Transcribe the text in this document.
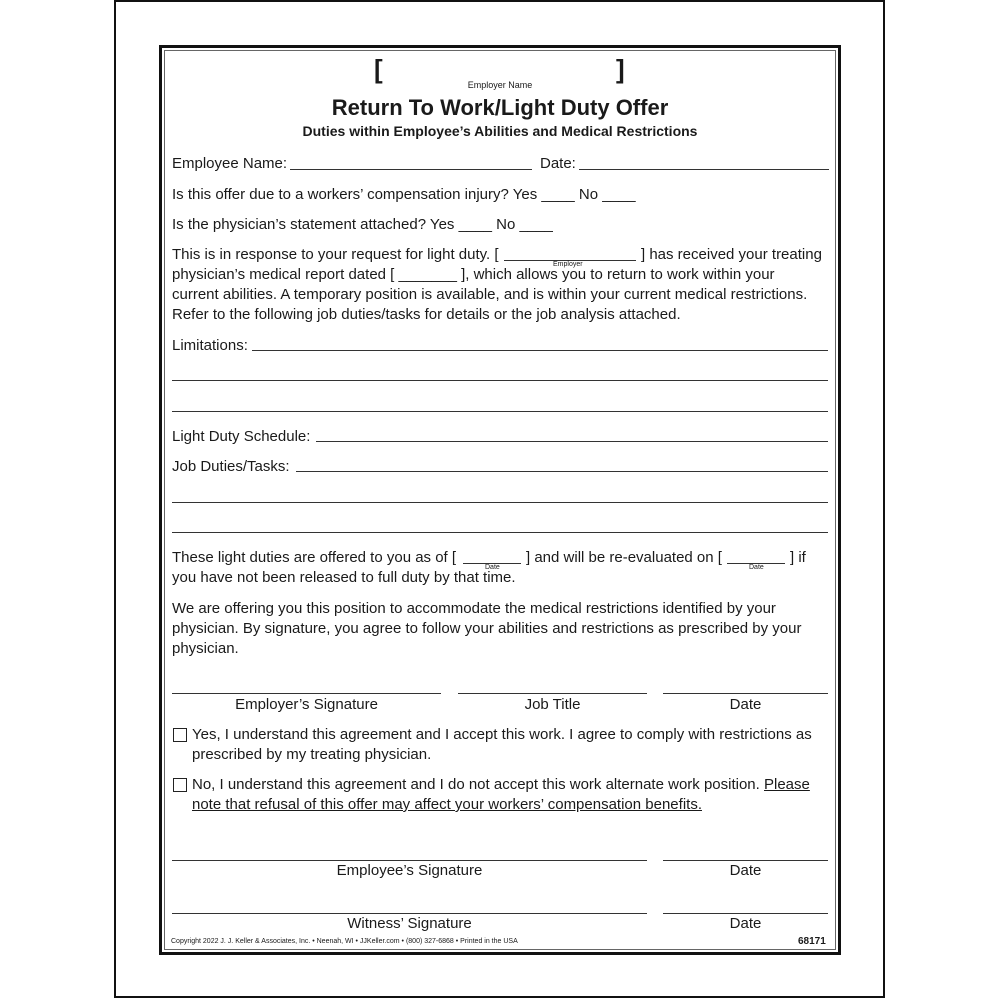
[	]
Employer Name
Return To Work/Light Duty Offer
Duties within Employee’s Abilities and Medical Restrictions
Employee Name:	Date:
Is this offer due to a workers’ compensation injury? Yes ____ No ____
Is the physician’s statement attached? Yes ____ No ____
This is in response to your request for light duty. [
Employer
] has received your treating
physician’s medical report dated [ _______ ], which allows you to return to work within your
current abilities. A temporary position is available, and is within your current medical restrictions.
Refer to the following job duties/tasks for details or the job analysis attached.
Limitations:
Light Duty Schedule:
Job Duties/Tasks:
These light duties are offered to you as of [
Date
] and will be re-evaluated on [
Date
] if
you have not been released to full duty by that time.
We are offering you this position to accommodate the medical restrictions identified by your
physician. By signature, you agree to follow your abilities and restrictions as prescribed by your
physician.
Employer’s Signature	Job Title	Date
Yes, I understand this agreement and I accept this work. I agree to comply with restrictions as
prescribed by my treating physician.
No, I understand this agreement and I do not accept this work alternate work position. Please
note that refusal of this offer may affect your workers’ compensation benefits.
Employee’s Signature	Date
Witness’ Signature	Date
Copyright 2022 J. J. Keller & Associates, Inc. • Neenah, WI • JJKeller.com • (800) 327-6868 • Printed in the USA	68171
